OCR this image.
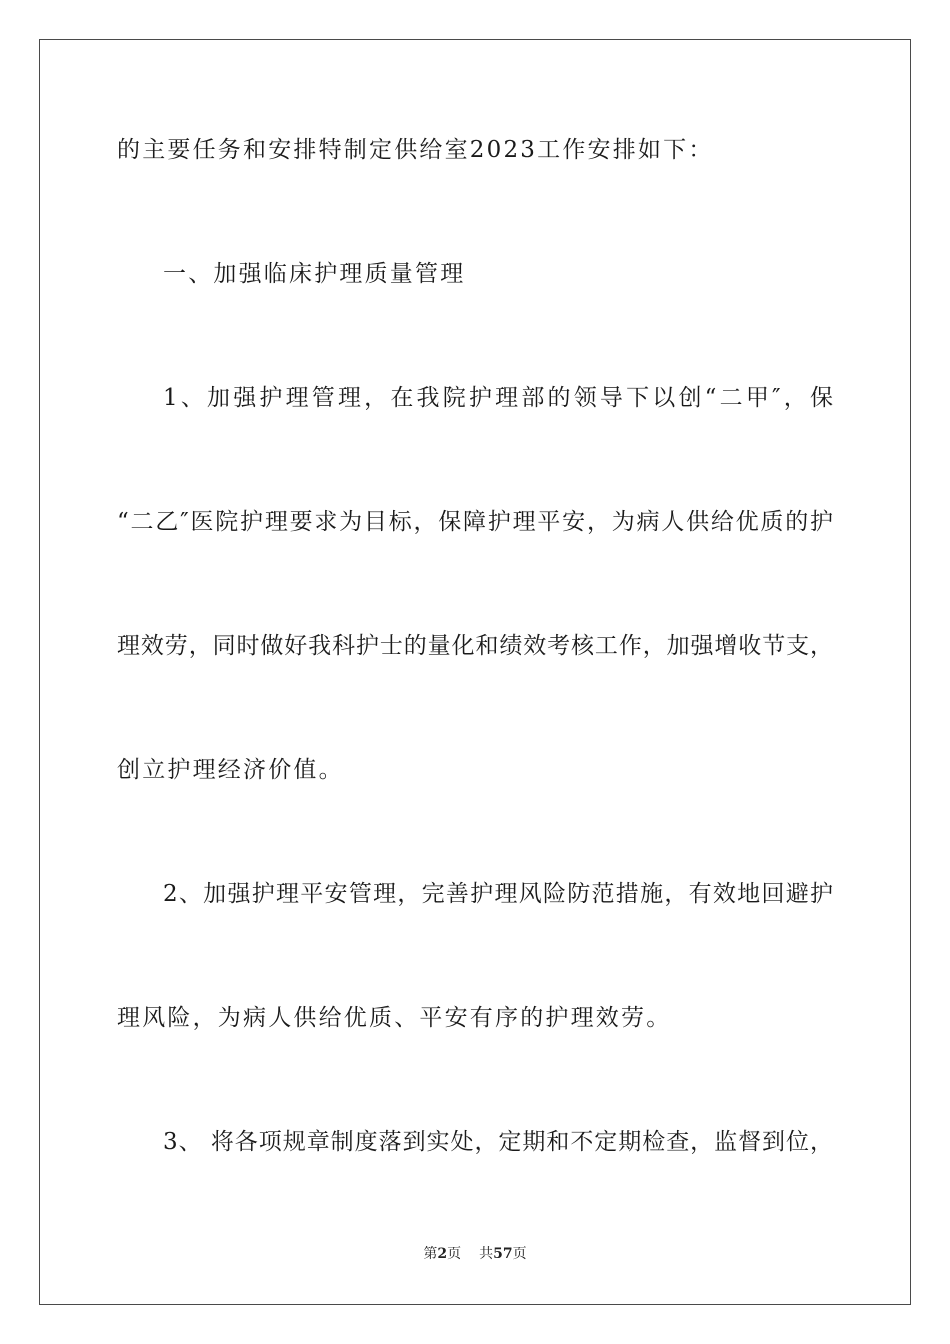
的主要任务和安排特制定供给室2023工作安排如下：
一、加强临床护理质量管理
1、加强护理管理，在我院护理部的领导下以创“二甲″，保
“二乙″医院护理要求为目标，保障护理平安，为病人供给优质的护
理效劳，同时做好我科护士的量化和绩效考核工作，加强增收节支，
创立护理经济价值。
2、加强护理平安管理，完善护理风险防范措施，有效地回避护
理风险，为病人供给优质、平安有序的护理效劳。
3、 将各项规章制度落到实处，定期和不定期检查，监督到位，
第2页 共57页
